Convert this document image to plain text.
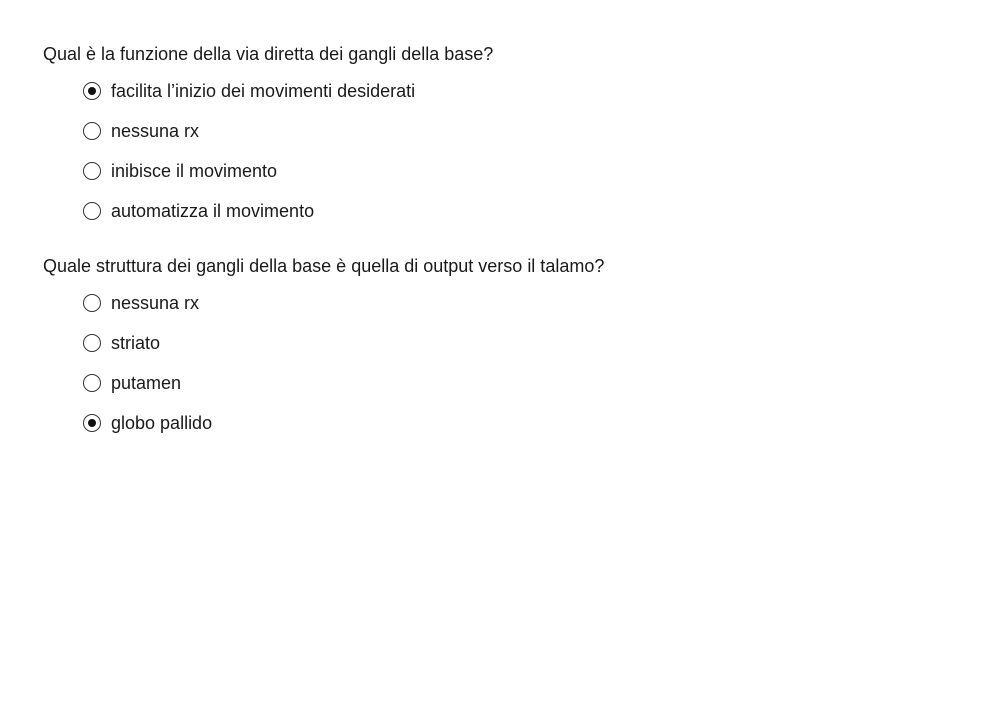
Qual è la funzione della via diretta dei gangli della base?
facilita l’inizio dei movimenti desiderati
nessuna rx
inibisce il movimento
automatizza il movimento
Quale struttura dei gangli della base è quella di output verso il talamo?
nessuna rx
striato
putamen
globo pallido
